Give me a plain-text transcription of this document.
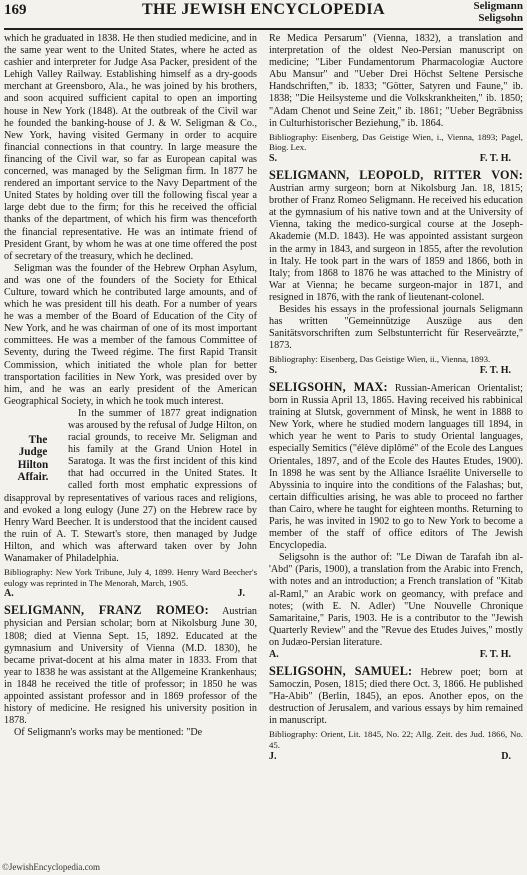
169	THE JEWISH ENCYCLOPEDIA	Seligmann
Seligsohn

which he graduated in 1838. He then studied medicine, and in the same year went to the United States, where he acted as cashier and interpreter for Judge Asa Packer, president of the Lehigh Valley Railway. Establishing himself as a dry-goods merchant at Greensboro, Ala., he was joined by his brothers, and soon acquired sufficient capital to open an importing house in New York (1848). At the outbreak of the Civil war he founded the banking-house of J. & W. Seligman & Co., New York, having visited Germany in order to acquire financial connections in that country. In large measure the financing of the Civil war, so far as European capital was concerned, was managed by the Seligman firm. In 1877 he rendered an important service to the Navy Department of the United States by holding over till the following fiscal year a large debt due to the firm; for this he received the official thanks of the department, of which his firm was thenceforth the financial representative. He was an intimate friend of President Grant, by whom he was at one time offered the post of secretary of the treasury, which he declined.

Seligman was the founder of the Hebrew Orphan Asylum, and was one of the founders of the Society for Ethical Culture, toward which he contributed large amounts, and of which he was president till his death. For a number of years he was a member of the Board of Education of the City of New York, and he was chairman of one of its most important committees. He was a member of the famous Committee of Seventy, during the Tweed régime. The first Rapid Transit Commission, which initiated the whole plan for better transportation facilities in New York, was presided over by him, and he was an early president of the American Geographical Society, in which he took much interest.

The Judge Hilton Affair.
In the summer of 1877 great indignation was aroused by the refusal of Judge Hilton, on racial grounds, to receive Mr. Seligman and his family at the Grand Union Hotel in Saratoga. It was the first incident of this kind that had occurred in the United States. It called forth most emphatic expressions of disapproval by representatives of various races and religions, and evoked a long eulogy (June 27) on the Hebrew race by Henry Ward Beecher. It is understood that the incident caused the ruin of A. T. Stewart's store, then managed by Judge Hilton, and which was afterward taken over by John Wanamaker of Philadelphia.

Bibliography: New York Tribune, July 4, 1899. Henry Ward Beecher's eulogy was reprinted in The Menorah, March, 1905.

A.	J.
SELIGMANN, FRANZ ROMEO: Austrian physician and Persian scholar; born at Nikolsburg June 30, 1808; died at Vienna Sept. 15, 1892. Educated at the gymnasium and University of Vienna (M.D. 1830), he became privat-docent at his alma mater in 1833. From that year to 1838 he was assistant at the Allgemeine Krankenhaus; in 1848 he received the title of professor; in 1850 he was appointed assistant professor and in 1869 professor of the history of medicine. He resigned his university position in 1878.

Of Seligmann's works may be mentioned: "De

Re Medica Persarum" (Vienna, 1832), a translation and interpretation of the oldest Neo-Persian manuscript on medicine; "Liber Fundamentorum Pharmacologiæ Auctore Abu Mansur" and "Ueber Drei Höchst Seltene Persische Handschriften," ib. 1833; "Götter, Satyren und Faune," ib. 1838; "Die Heilsysteme und die Volkskrankheiten," ib. 1850; "Adam Chenot und Seine Zeit," ib. 1861; "Ueber Begräbniss in Culturhistorischer Beziehung," ib. 1864.

Bibliography: Eisenberg, Das Geistige Wien, i., Vienna, 1893; Pagel, Biog. Lex.

S.	F. T. H.
SELIGMANN, LEOPOLD, RITTER VON: Austrian army surgeon; born at Nikolsburg Jan. 18, 1815; brother of Franz Romeo Seligmann. He received his education at the gymnasium of his native town and at the University of Vienna, taking the medico-surgical course at the Joseph-Akademie (M.D. 1843). He was appointed assistant surgeon in the army in 1843, and surgeon in 1855, after the revolution in Italy. He took part in the wars of 1859 and 1866, both in Italy; from 1868 to 1876 he was attached to the Ministry of War at Vienna; he became surgeon-major in 1871, and resigned in 1876, with the rank of lieutenant-colonel.

Besides his essays in the professional journals Seligmann has written "Gemeinnützige Auszüge aus den Sanitätsvorschriften zum Selbstunterricht für Reserveärzte," 1873.

Bibliography: Eisenberg, Das Geistige Wien, ii., Vienna, 1893.

S.	F. T. H.
SELIGSOHN, MAX: Russian-American Orientalist; born in Russia April 13, 1865. Having received his rabbinical training at Slutsk, government of Minsk, he went in 1888 to New York, where he studied modern languages till 1894, in which year he went to Paris to study Oriental languages, especially Semitics ("élève diplômé" of the Ecole des Langues Orientales, 1897, and of the Ecole des Hautes Etudes, 1900). In 1898 he was sent by the Alliance Israélite Universelle to Abyssinia to inquire into the conditions of the Falashas; but, certain difficulties arising, he was able to proceed no farther than Cairo, where he taught for eighteen months. Returning to Paris, he was invited in 1902 to go to New York to become a member of the staff of office editors of The Jewish Encyclopedia.

Seligsohn is the author of: "Le Diwan de Tarafah ibn al-'Abd" (Paris, 1900), a translation from the Arabic into French, with notes and an introduction; a French translation of "Kitab al-Raml," an Arabic work on geomancy, with preface and notes; (with E. N. Adler) "Une Nouvelle Chronique Samaritaine," Paris, 1903. He is a contributor to the "Jewish Quarterly Review" and the "Revue des Etudes Juives," mostly on Judæo-Persian literature.

A.	F. T. H.
SELIGSOHN, SAMUEL: Hebrew poet; born at Samoczin, Posen, 1815; died there Oct. 3, 1866. He published "Ha-Abib" (Berlin, 1845), an epos. Another epos, on the destruction of Jerusalem, and various essays by him remained in manuscript.

Bibliography: Orient, Lit. 1845, No. 22; Allg. Zeit. des Jud. 1866, No. 45.

J.	D.
©JewishEncyclopedia.com
